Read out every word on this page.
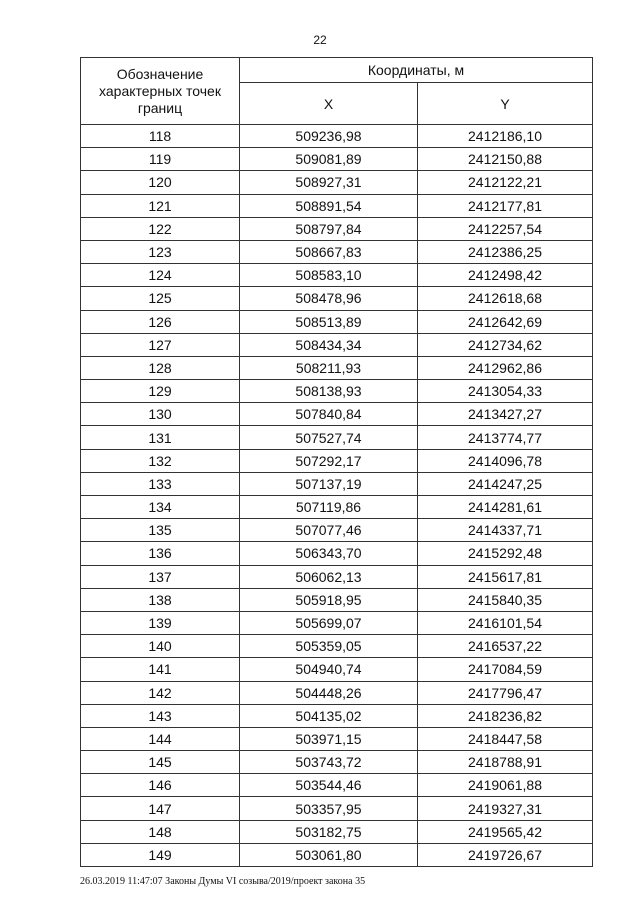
22
Обозначение характерных точек границ	Координаты, м	
	X	Y
118	509236,98	2412186,10
119	509081,89	2412150,88
120	508927,31	2412122,21
121	508891,54	2412177,81
122	508797,84	2412257,54
123	508667,83	2412386,25
124	508583,10	2412498,42
125	508478,96	2412618,68
126	508513,89	2412642,69
127	508434,34	2412734,62
128	508211,93	2412962,86
129	508138,93	2413054,33
130	507840,84	2413427,27
131	507527,74	2413774,77
132	507292,17	2414096,78
133	507137,19	2414247,25
134	507119,86	2414281,61
135	507077,46	2414337,71
136	506343,70	2415292,48
137	506062,13	2415617,81
138	505918,95	2415840,35
139	505699,07	2416101,54
140	505359,05	2416537,22
141	504940,74	2417084,59
142	504448,26	2417796,47
143	504135,02	2418236,82
144	503971,15	2418447,58
145	503743,72	2418788,91
146	503544,46	2419061,88
147	503357,95	2419327,31
148	503182,75	2419565,42
149	503061,80	2419726,67
26.03.2019 11:47:07 Законы Думы VI созыва/2019/проект закона 35
